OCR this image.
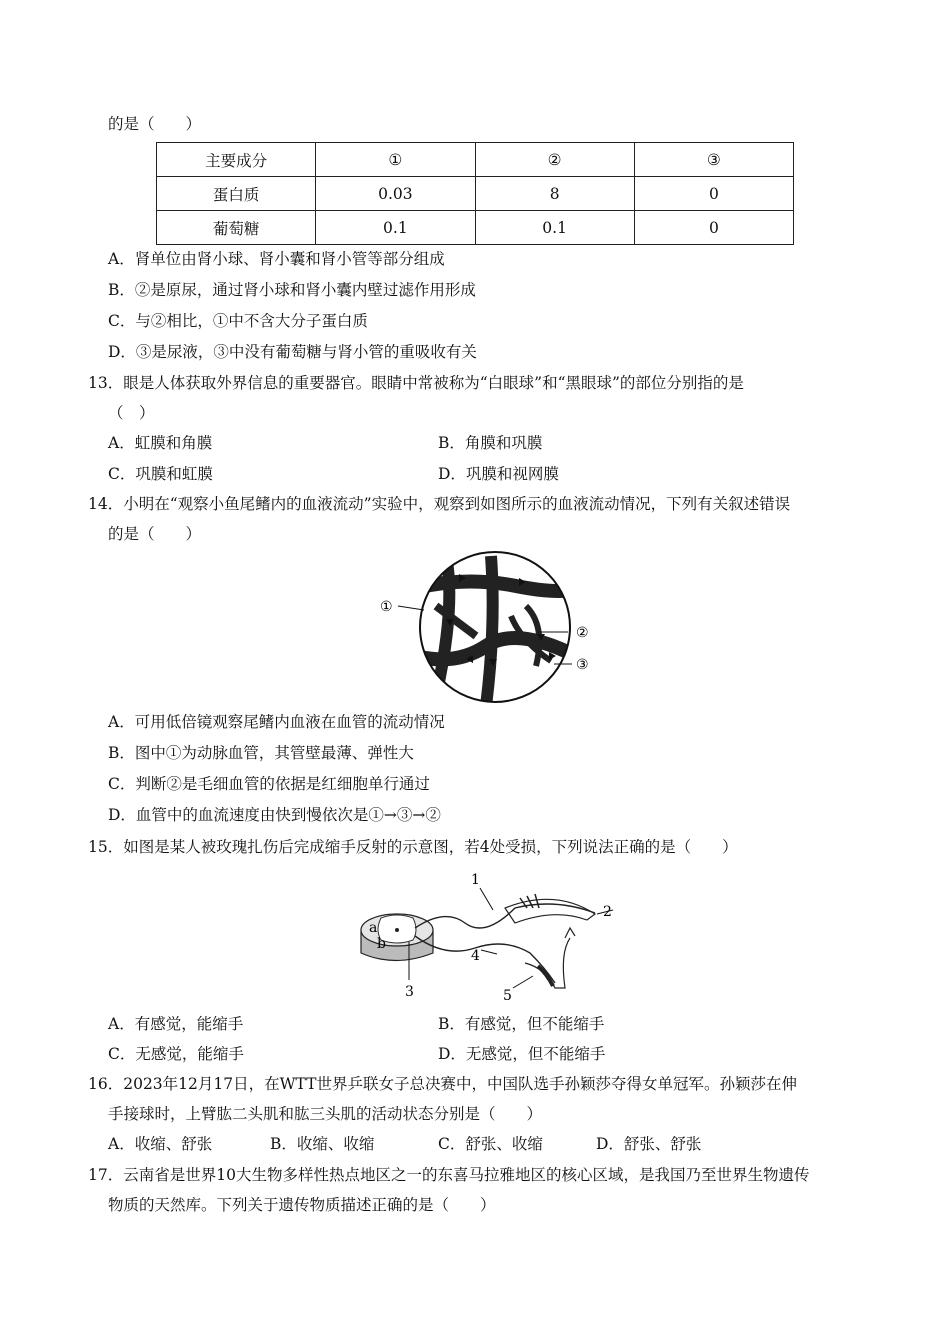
的是（　　）
主要成分	①	②	③
蛋白质	0.03	8	0
葡萄糖	0.1	0.1	0
A．肾单位由肾小球、肾小囊和肾小管等部分组成
B．②是原尿，通过肾小球和肾小囊内壁过滤作用形成
C．与②相比，①中不含大分子蛋白质
D．③是尿液，③中没有葡萄糖与肾小管的重吸收有关
13．眼是人体获取外界信息的重要器官。眼睛中常被称为“白眼球”和“黑眼球”的部位分别指的是
（　）
A．虹膜和角膜	B．角膜和巩膜
C．巩膜和虹膜	D．巩膜和视网膜
14．小明在“观察小鱼尾鳍内的血液流动”实验中，观察到如图所示的血液流动情况，下列有关叙述错误
的是（　　）
①
②
③
A．可用低倍镜观察尾鳍内血液在血管的流动情况
B．图中①为动脉血管，其管壁最薄、弹性大
C．判断②是毛细血管的依据是红细胞单行通过
D．血管中的血流速度由快到慢依次是①→③→②
15．如图是某人被玫瑰扎伤后完成缩手反射的示意图，若4处受损，下列说法正确的是（　　）
1
2
3
4
5
a
b
A．有感觉，能缩手	B．有感觉，但不能缩手
C．无感觉，能缩手	D．无感觉，但不能缩手
16．2023年12月17日，在WTT世界乒联女子总决赛中，中国队选手孙颖莎夺得女单冠军。孙颖莎在伸
手接球时，上臂肱二头肌和肱三头肌的活动状态分别是（　　）
A．收缩、舒张	B．收缩、收缩	C．舒张、收缩	D．舒张、舒张
17．云南省是世界10大生物多样性热点地区之一的东喜马拉雅地区的核心区域，是我国乃至世界生物遗传
物质的天然库。下列关于遗传物质描述正确的是（　　）
